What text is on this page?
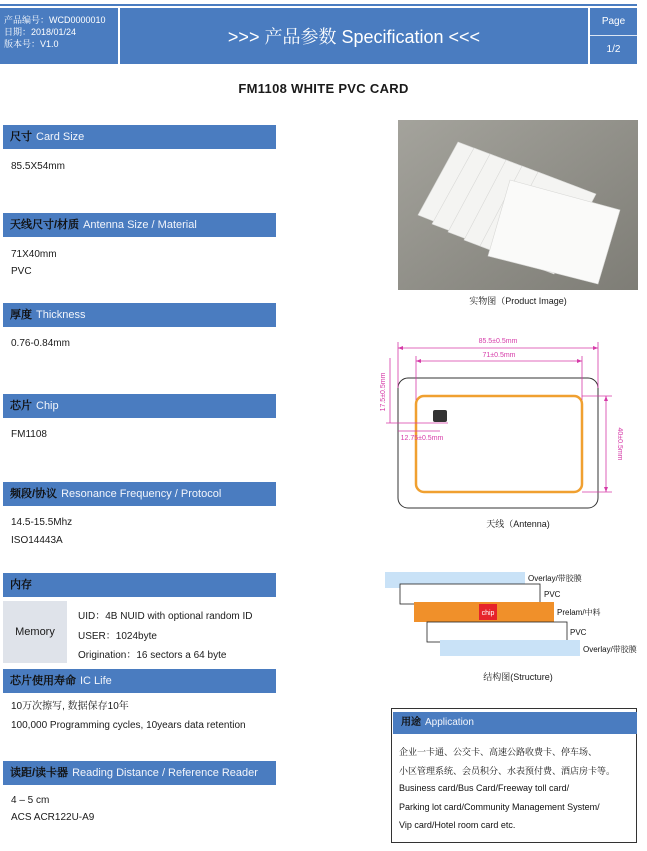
产品编号：WCD0000010
日期：2018/01/24
版本号：V1.0	>>> 产品参数 Specification <<<
Page
1/2
FM1108 WHITE PVC CARD
尺寸 Card Size
85.5X54mm
天线尺寸/材质 Antenna Size / Material
71X40mm
PVC
厚度 Thickness
0.76-0.84mm
芯片 Chip
FM1108
频段/协议 Resonance Frequency / Protocol
14.5-15.5Mhz
ISO14443A
内存
Memory
UID：4B NUID with optional random ID
USER：1024byte
Origination：16 sectors a 64 byte
芯片使用寿命 IC Life
10万次擦写, 数据保存10年
100,000 Programming cycles, 10years data retention
读距/读卡器 Reading Distance / Reference Reader
4 – 5 cm
ACS ACR122U-A9
实物图（Product Image)
85.5±0.5mm
71±0.5mm
17.5±0.5mm
12.75±0.5mm	40±0.5mm
天线（Antenna)
chip
Overlay/带胶膜
PVC
Prelam/中料
PVC
Overlay/带胶膜
结构图(Structure)
用途 Application
企业一卡通、公交卡、高速公路收费卡、停车场、
小区管理系统、会员积分、水表预付费、酒店房卡等。
Business card/Bus Card/Freeway toll card/
Parking lot card/Community Management System/
Vip card/Hotel room card etc.
